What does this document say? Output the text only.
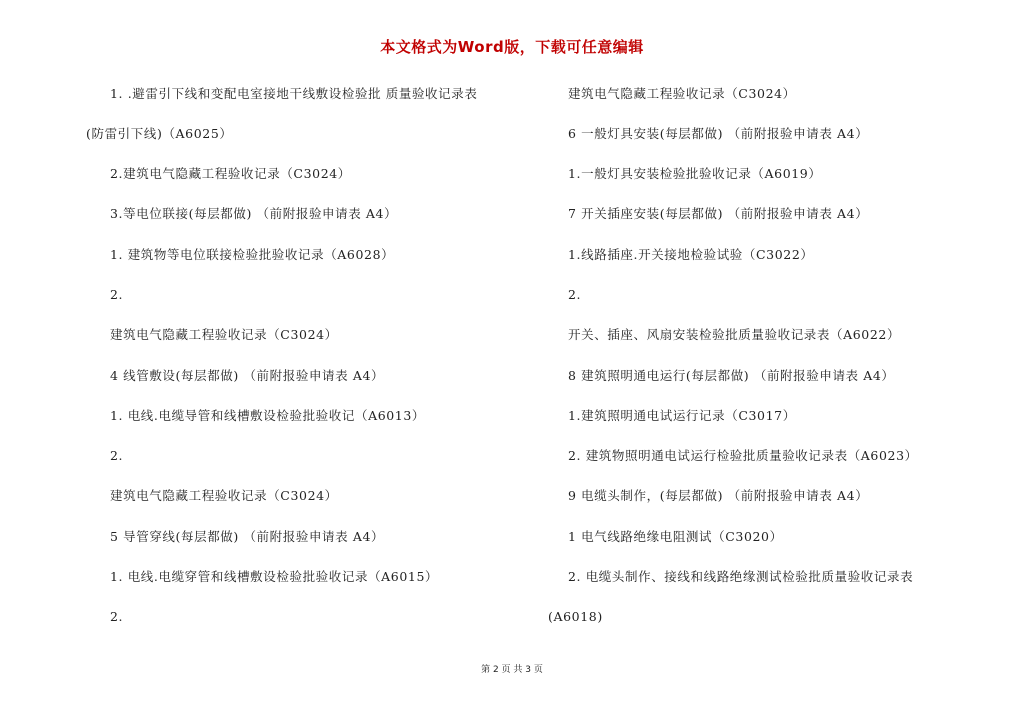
本文格式为Word版，下载可任意编辑
1. .避雷引下线和变配电室接地干线敷设检验批 质量验收记录表
(防雷引下线)（A6025）
2.建筑电气隐藏工程验收记录（C3024）
3.等电位联接(每层都做) （前附报验申请表 A4）
1. 建筑物等电位联接检验批验收记录（A6028）
2.
建筑电气隐藏工程验收记录（C3024）
4 线管敷设(每层都做) （前附报验申请表 A4）
1. 电线.电缆导管和线槽敷设检验批验收记（A6013）
2.
建筑电气隐藏工程验收记录（C3024）
5 导管穿线(每层都做) （前附报验申请表 A4）
1. 电线.电缆穿管和线槽敷设检验批验收记录（A6015）
2.
建筑电气隐藏工程验收记录（C3024）
6 一般灯具安装(每层都做) （前附报验申请表 A4）
1.一般灯具安装检验批验收记录（A6019）
7 开关插座安装(每层都做) （前附报验申请表 A4）
1.线路插座.开关接地检验试验（C3022）
2.
开关、插座、风扇安装检验批质量验收记录表（A6022）
8 建筑照明通电运行(每层都做) （前附报验申请表 A4）
1.建筑照明通电试运行记录（C3017）
2. 建筑物照明通电试运行检验批质量验收记录表（A6023）
9 电缆头制作，(每层都做) （前附报验申请表 A4）
1 电气线路绝缘电阻测试（C3020）
2. 电缆头制作、接线和线路绝缘测试检验批质量验收记录表
(A6018)
第 2 页 共 3 页
